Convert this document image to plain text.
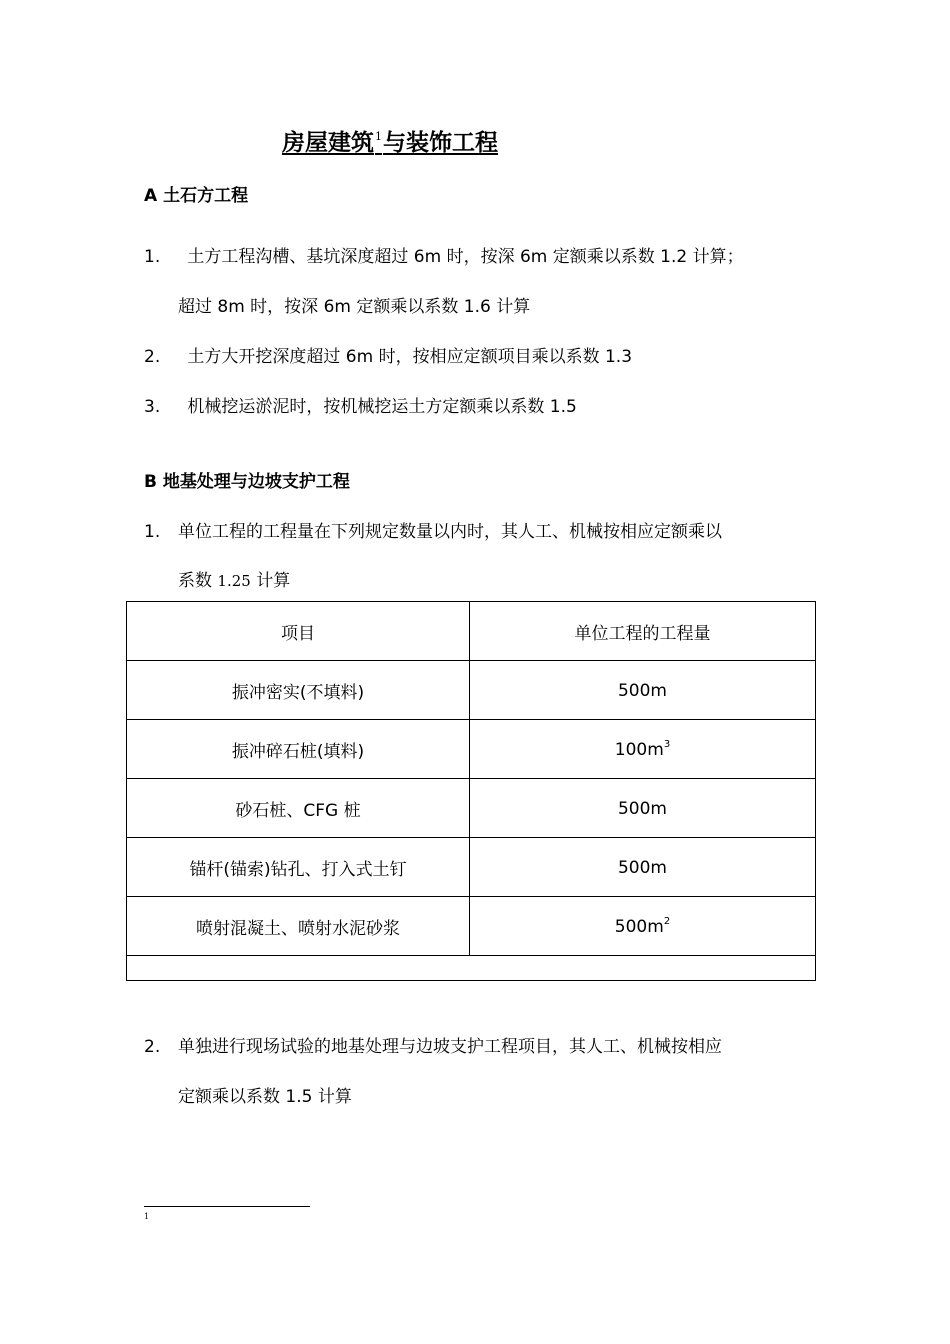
房屋建筑$^1$与装饰工程
A 土石方工程
1. 土方工程沟槽、基坑深度超过 6m 时，按深 6m 定额乘以系数 1.2 计算；
超过 8m 时，按深 6m 定额乘以系数 1.6 计算
2. 土方大开挖深度超过 6m 时，按相应定额项目乘以系数 1.3
3. 机械挖运淤泥时，按机械挖运土方定额乘以系数 1.5
B 地基处理与边坡支护工程
1. 单位工程的工程量在下列规定数量以内时，其人工、机械按相应定额乘以
系数 1.25 计算
项目	单位工程的工程量
振冲密实(不填料)	500m
振冲碎石桩(填料)	$100m^3$
砂石桩、CFG 桩	500m
锚杆(锚索)钻孔、打入式土钉	500m
喷射混凝土、喷射水泥砂浆	$500m^2$

2. 单独进行现场试验的地基处理与边坡支护工程项目，其人工、机械按相应
定额乘以系数 1.5 计算
1
